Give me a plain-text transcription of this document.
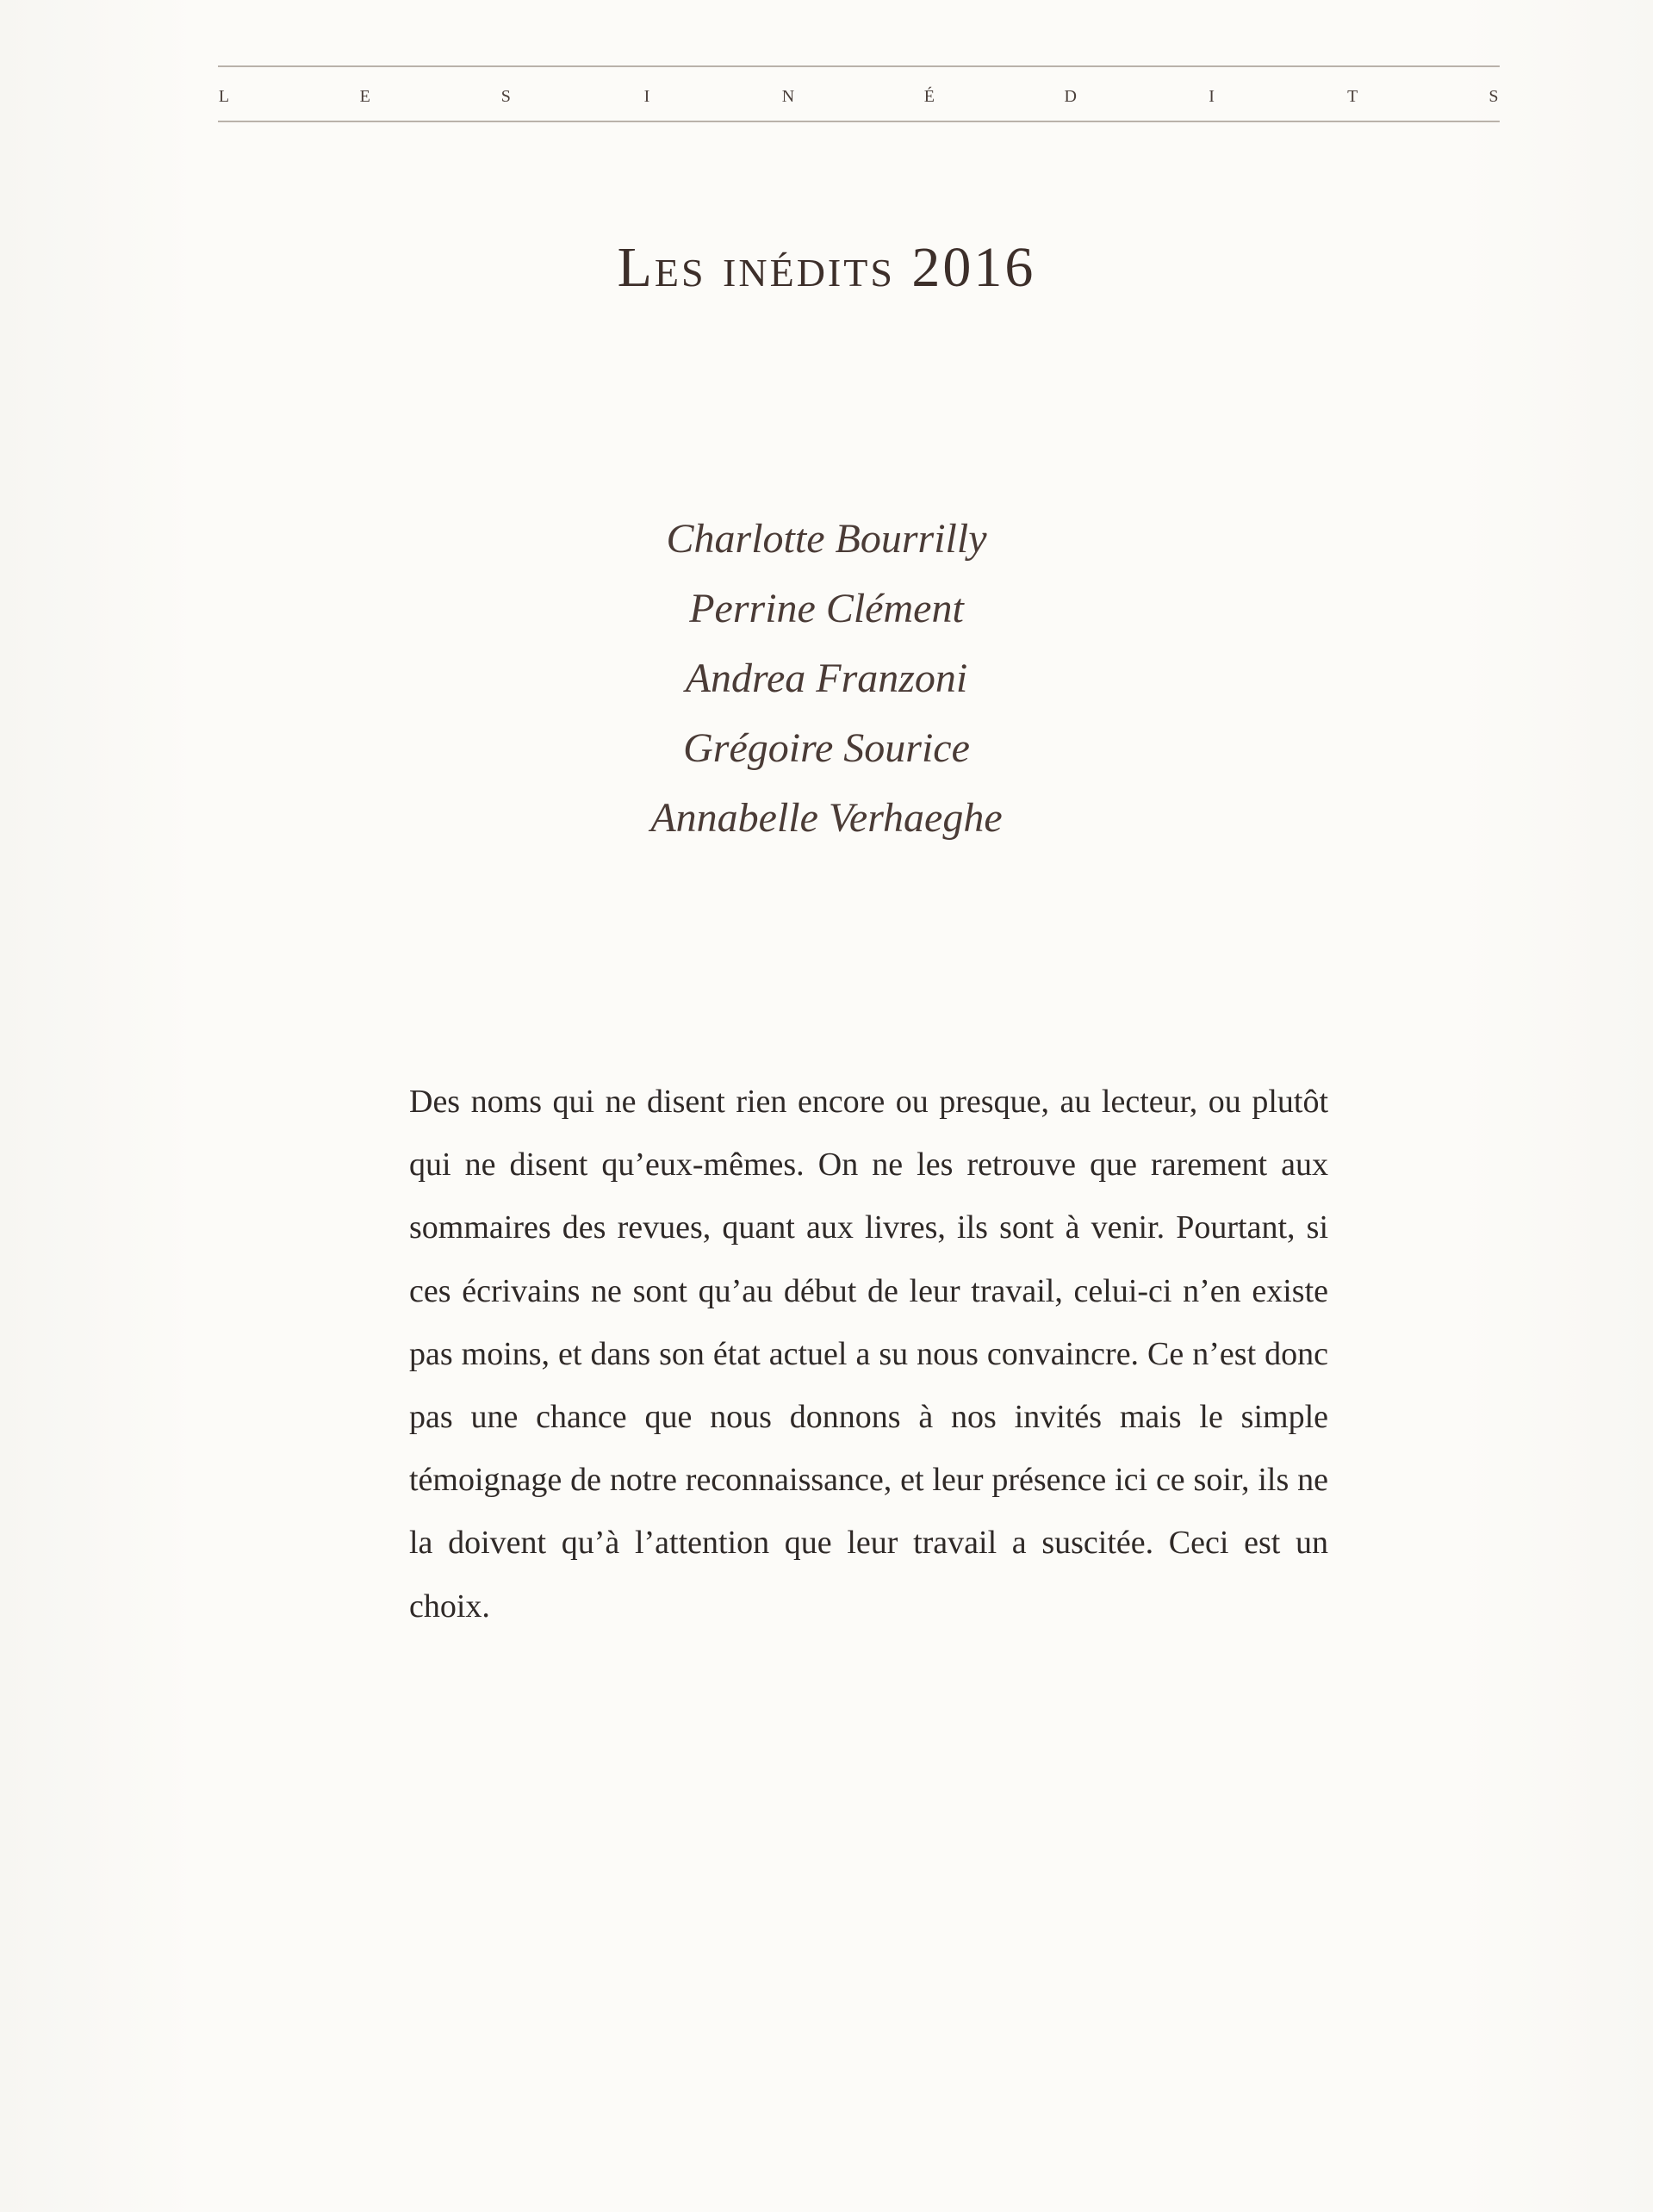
L	E	S	I	N	É	D	I	T	S
Les inédits 2016
Charlotte Bourrilly
Perrine Clément
Andrea Franzoni
Grégoire Sourice
Annabelle Verhaeghe

Des noms qui ne disent rien encore ou presque, au lecteur, ou plutôt qui ne disent qu’eux-mêmes. On ne les retrouve que rarement aux sommaires des revues, quant aux livres, ils sont à venir. Pourtant, si ces écrivains ne sont qu’au début de leur travail, celui-ci n’en existe pas moins, et dans son état actuel a su nous convaincre. Ce n’est donc pas une chance que nous donnons à nos invités mais le simple témoignage de notre reconnaissance, et leur présence ici ce soir, ils ne la doivent qu’à l’attention que leur travail a suscitée. Ceci est un choix.
